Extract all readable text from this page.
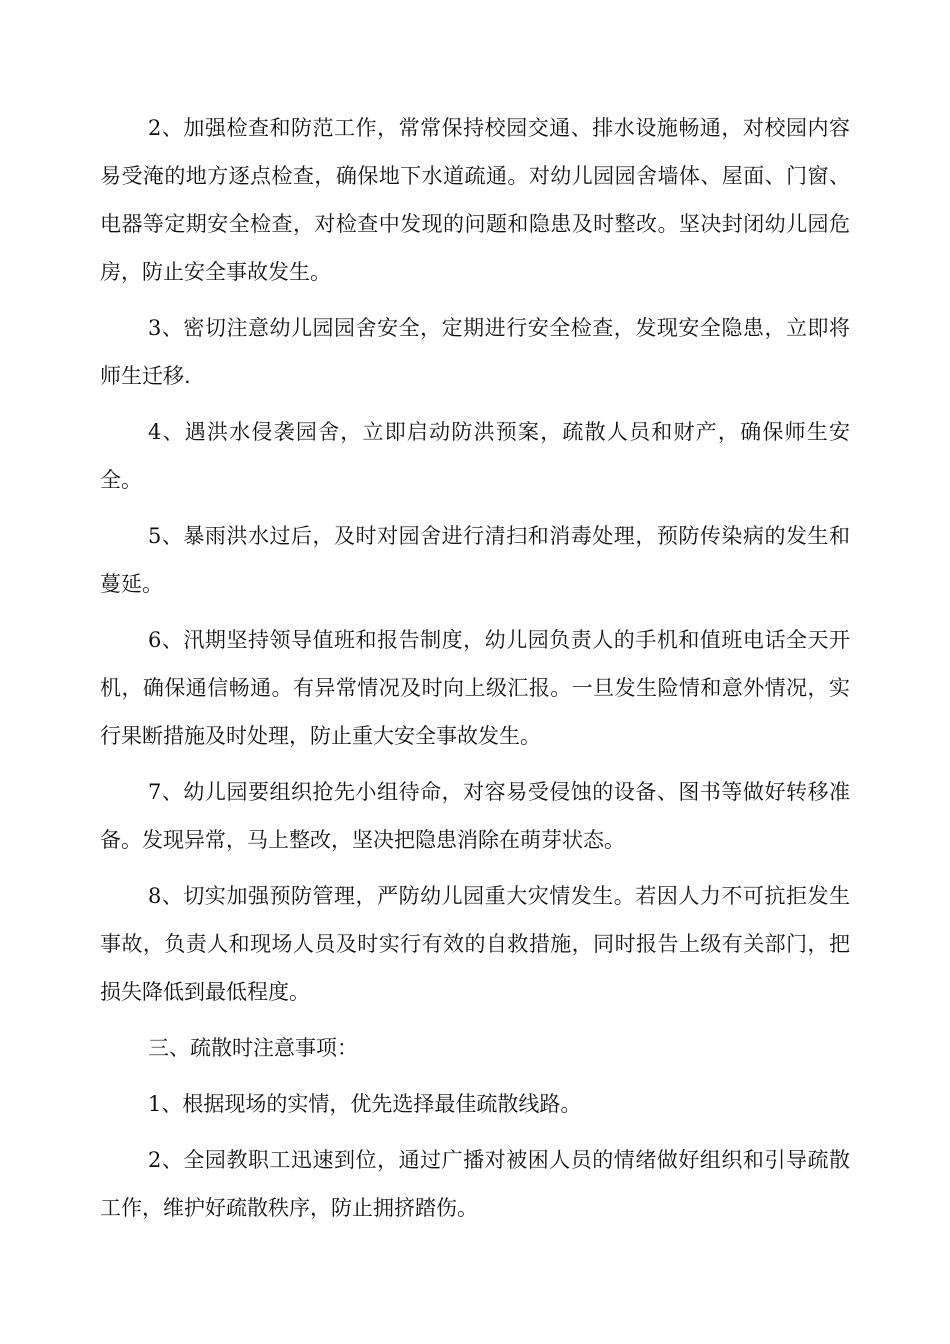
2、加强检查和防范工作，常常保持校园交通、排水设施畅通，对校园内容易受淹的地方逐点检查，确保地下水道疏通。对幼儿园园舍墙体、屋面、门窗、电器等定期安全检查，对检查中发现的问题和隐患及时整改。坚决封闭幼儿园危房，防止安全事故发生。

3、密切注意幼儿园园舍安全，定期进行安全检查，发现安全隐患，立即将师生迁移.

4、遇洪水侵袭园舍，立即启动防洪预案，疏散人员和财产，确保师生安全。

5、暴雨洪水过后，及时对园舍进行清扫和消毒处理，预防传染病的发生和蔓延。

6、汛期坚持领导值班和报告制度，幼儿园负责人的手机和值班电话全天开机，确保通信畅通。有异常情况及时向上级汇报。一旦发生险情和意外情况，实行果断措施及时处理，防止重大安全事故发生。

7、幼儿园要组织抢先小组待命，对容易受侵蚀的设备、图书等做好转移准备。发现异常，马上整改，坚决把隐患消除在萌芽状态。

8、切实加强预防管理，严防幼儿园重大灾情发生。若因人力不可抗拒发生事故，负责人和现场人员及时实行有效的自救措施，同时报告上级有关部门，把损失降低到最低程度。

三、疏散时注意事项：

1、根据现场的实情，优先选择最佳疏散线路。

2、全园教职工迅速到位，通过广播对被困人员的情绪做好组织和引导疏散工作，维护好疏散秩序，防止拥挤踏伤。
